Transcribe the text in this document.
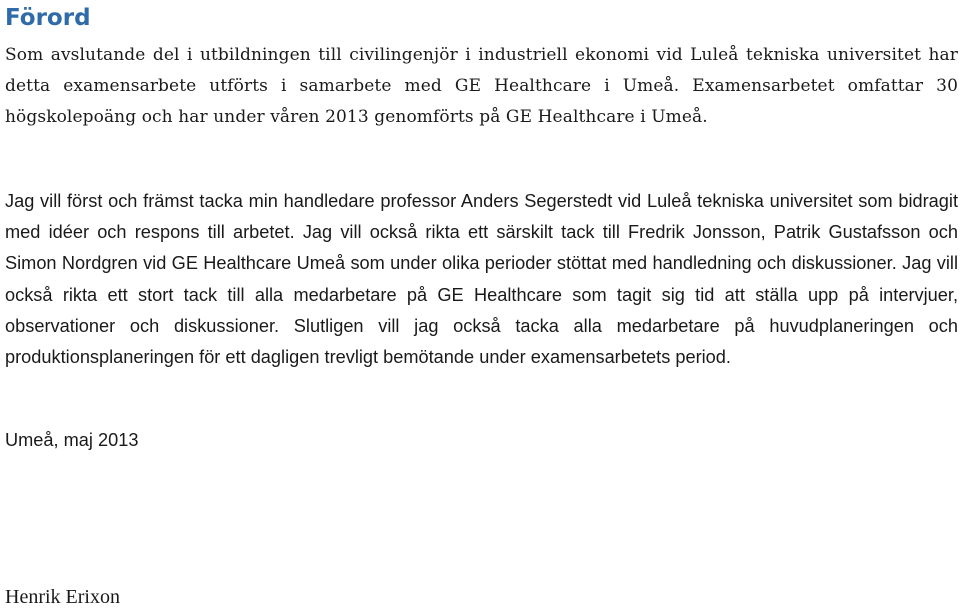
Förord

Som avslutande del i utbildningen till civilingenjör i industriell ekonomi vid Luleå tekniska universitet har detta examensarbete utförts i samarbete med GE Healthcare i Umeå. Examensarbetet omfattar 30 högskolepoäng och har under våren 2013 genomförts på GE Healthcare i Umeå.

Jag vill först och främst tacka min handledare professor Anders Segerstedt vid Luleå tekniska universitet som bidragit med idéer och respons till arbetet. Jag vill också rikta ett särskilt tack till Fredrik Jonsson, Patrik Gustafsson och Simon Nordgren vid GE Healthcare Umeå som under olika perioder stöttat med handledning och diskussioner. Jag vill också rikta ett stort tack till alla medarbetare på GE Healthcare som tagit sig tid att ställa upp på intervjuer, observationer och diskussioner. Slutligen vill jag också tacka alla medarbetare på huvudplaneringen och produktionsplaneringen för ett dagligen trevligt bemötande under examensarbetets period.

Umeå, maj 2013

Henrik Erixon
